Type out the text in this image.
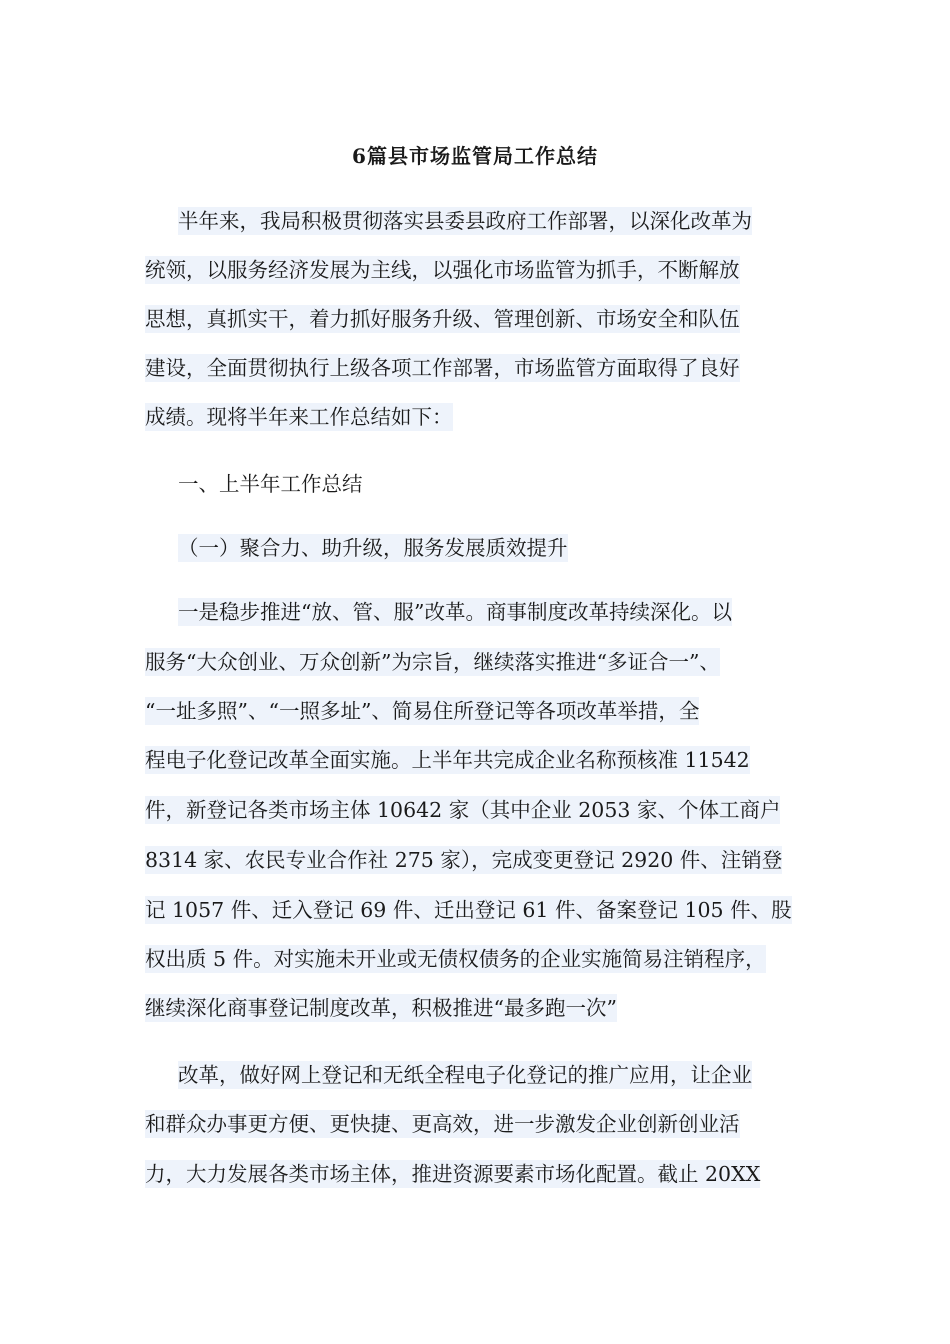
6篇县市场监管局工作总结
半年来，我局积极贯彻落实县委县政府工作部署，以深化改革为
统领，以服务经济发展为主线，以强化市场监管为抓手，不断解放
思想，真抓实干，着力抓好服务升级、管理创新、市场安全和队伍
建设，全面贯彻执行上级各项工作部署，市场监管方面取得了良好
成绩。现将半年来工作总结如下：
一、上半年工作总结
（一）聚合力、助升级，服务发展质效提升
一是稳步推进“放、管、服”改革。商事制度改革持续深化。以
服务“大众创业、万众创新”为宗旨，继续落实推进“多证合一”、
“一址多照”、“一照多址”、简易住所登记等各项改革举措，全
程电子化登记改革全面实施。上半年共完成企业名称预核准 11542
件，新登记各类市场主体 10642 家（其中企业 2053 家、个体工商户
8314 家、农民专业合作社 275 家），完成变更登记 2920 件、注销登
记 1057 件、迁入登记 69 件、迁出登记 61 件、备案登记 105 件、股
权出质 5 件。对实施未开业或无债权债务的企业实施简易注销程序，
继续深化商事登记制度改革，积极推进“最多跑一次”
改革，做好网上登记和无纸全程电子化登记的推广应用，让企业
和群众办事更方便、更快捷、更高效，进一步激发企业创新创业活
力，大力发展各类市场主体，推进资源要素市场化配置。截止 20XX
